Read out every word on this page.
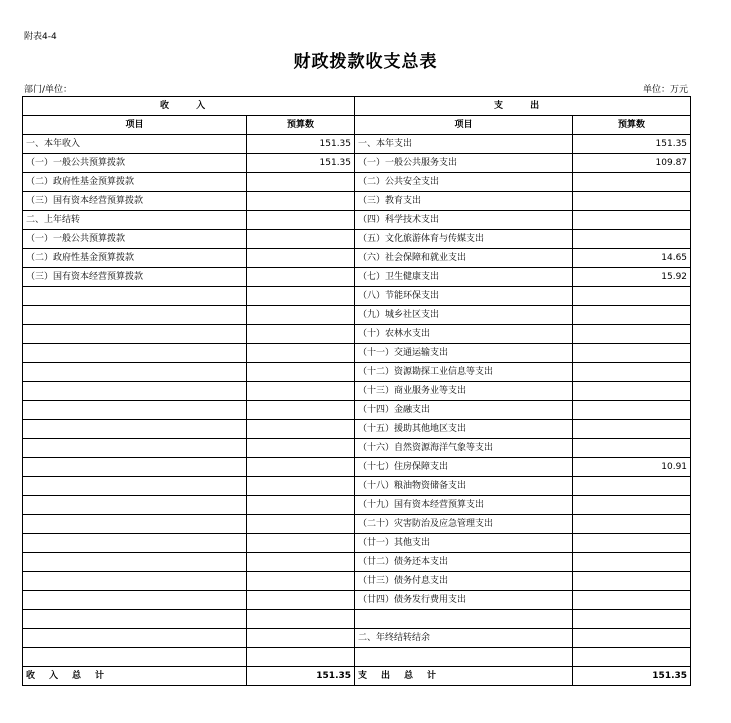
附表4-4
财政拨款收支总表
部门/单位：	单位：万元
收 入		支 出	
项目	预算数	项目	预算数
一、本年收入	151.35	一、本年支出	151.35
（一）一般公共预算拨款	151.35	（一）一般公共服务支出	109.87
（二）政府性基金预算拨款		（二）公共安全支出	
（三）国有资本经营预算拨款		（三）教育支出	
二、上年结转		（四）科学技术支出	
（一）一般公共预算拨款		（五）文化旅游体育与传媒支出	
（二）政府性基金预算拨款		（六）社会保障和就业支出	14.65
（三）国有资本经营预算拨款		（七）卫生健康支出	15.92
		（八）节能环保支出	
		（九）城乡社区支出	
		（十）农林水支出	
		（十一）交通运输支出	
		（十二）资源勘探工业信息等支出	
		（十三）商业服务业等支出	
		（十四）金融支出	
		（十五）援助其他地区支出	
		（十六）自然资源海洋气象等支出	
		（十七）住房保障支出	10.91
		（十八）粮油物资储备支出	
		（十九）国有资本经营预算支出	
		（二十）灾害防治及应急管理支出	
		（廿一）其他支出	
		（廿二）债务还本支出	
		（廿三）债务付息支出	
		（廿四）债务发行费用支出	

		二、年终结转结余	

收入总计	151.35	支出总计	151.35
